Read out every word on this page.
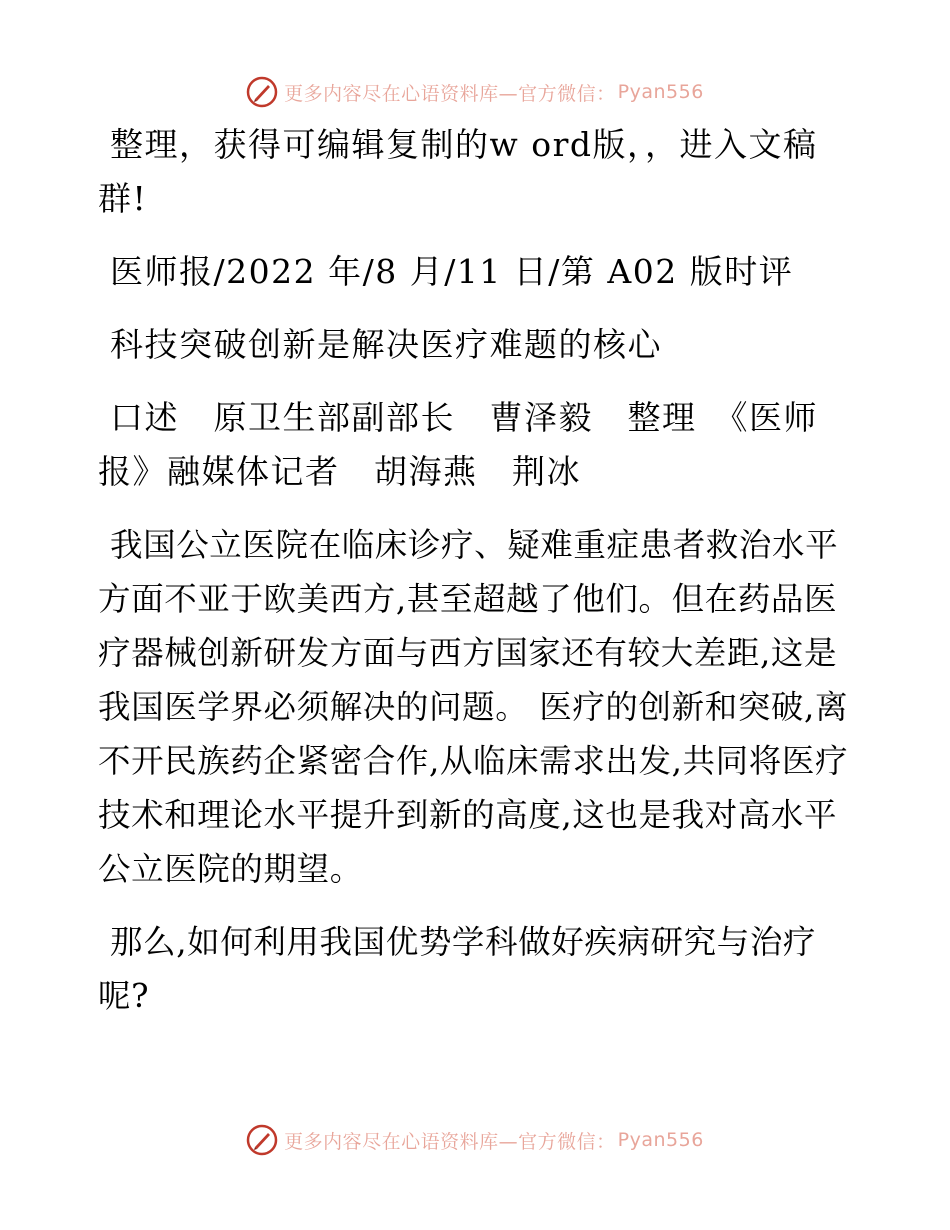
更多内容尽在心语资料库—官方微信： Pyan556

整理，获得可编辑复制的w ord版，，进入文稿群!

医师报/2022 年/8 月/11 日/第 A02 版时评

科技突破创新是解决医疗难题的核心

口述　原卫生部副部长　曹泽毅　整理　《医师报》融媒体记者　胡海燕　荆冰

我国公立医院在临床诊疗、疑难重症患者救治水平方面不亚于欧美西方,甚至超越了他们。但在药品医疗器械创新研发方面与西方国家还有较大差距,这是我国医学界必须解决的问题。 医疗的创新和突破,离不开民族药企紧密合作,从临床需求出发,共同将医疗技术和理论水平提升到新的高度,这也是我对高水平公立医院的期望。

那么,如何利用我国优势学科做好疾病研究与治疗呢?

更多内容尽在心语资料库—官方微信： Pyan556
